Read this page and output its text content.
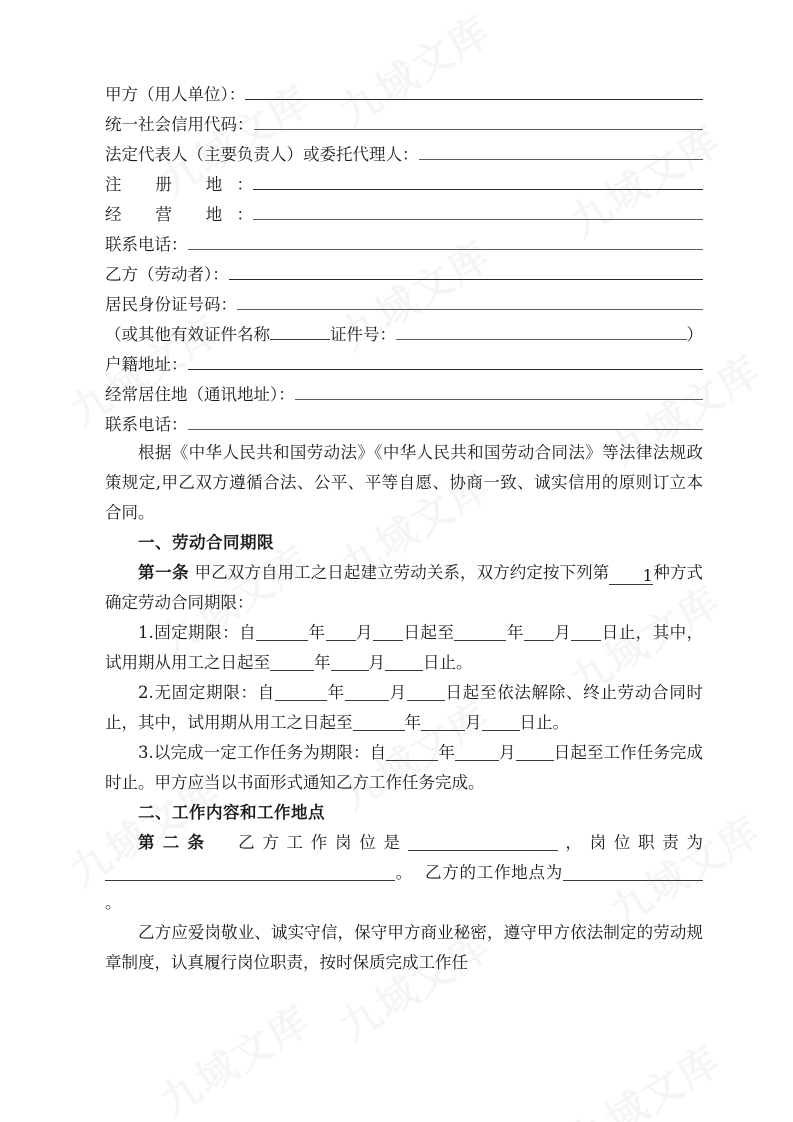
甲方（用人单位）：
统一社会信用代码：
法定代表人（主要负责人）或委托代理人：
注 册 地：
经 营 地：
联系电话：
乙方（劳动者）：
居民身份证号码：
（或其他有效证件名称	证件号：	）
户籍地址：
经常居住地（通讯地址）：
联系电话：

根据《中华人民共和国劳动法》《中华人民共和国劳动合同法》等法律法规政策规定,甲乙双方遵循合法、公平、平等自愿、协商一致、诚实信用的原则订立本合同。

一、劳动合同期限

第一条 甲乙双方自用工之日起建立劳动关系，双方约定按下列第 1种方式确定劳动合同期限：

1.固定期限：自	年 月 日起至	年 月 日止，其中，试用期从用工之日起至	年 月 日止。

2.无固定期限：自	年	月 日起至依法解除、终止劳动合同时止，其中，试用期从用工之日起至	年	月 日止。

3.以完成一定工作任务为期限：自	年	月 日起至工作任务完成时止。甲方应当以书面形式通知乙方工作任务完成。

二、工作内容和工作地点

第二条 乙方工作岗位是	，岗位职责为。 乙方的工作地点为。

乙方应爱岗敬业、诚实守信，保守甲方商业秘密，遵守甲方依法制定的劳动规章制度，认真履行岗位职责，按时保质完成工作任
